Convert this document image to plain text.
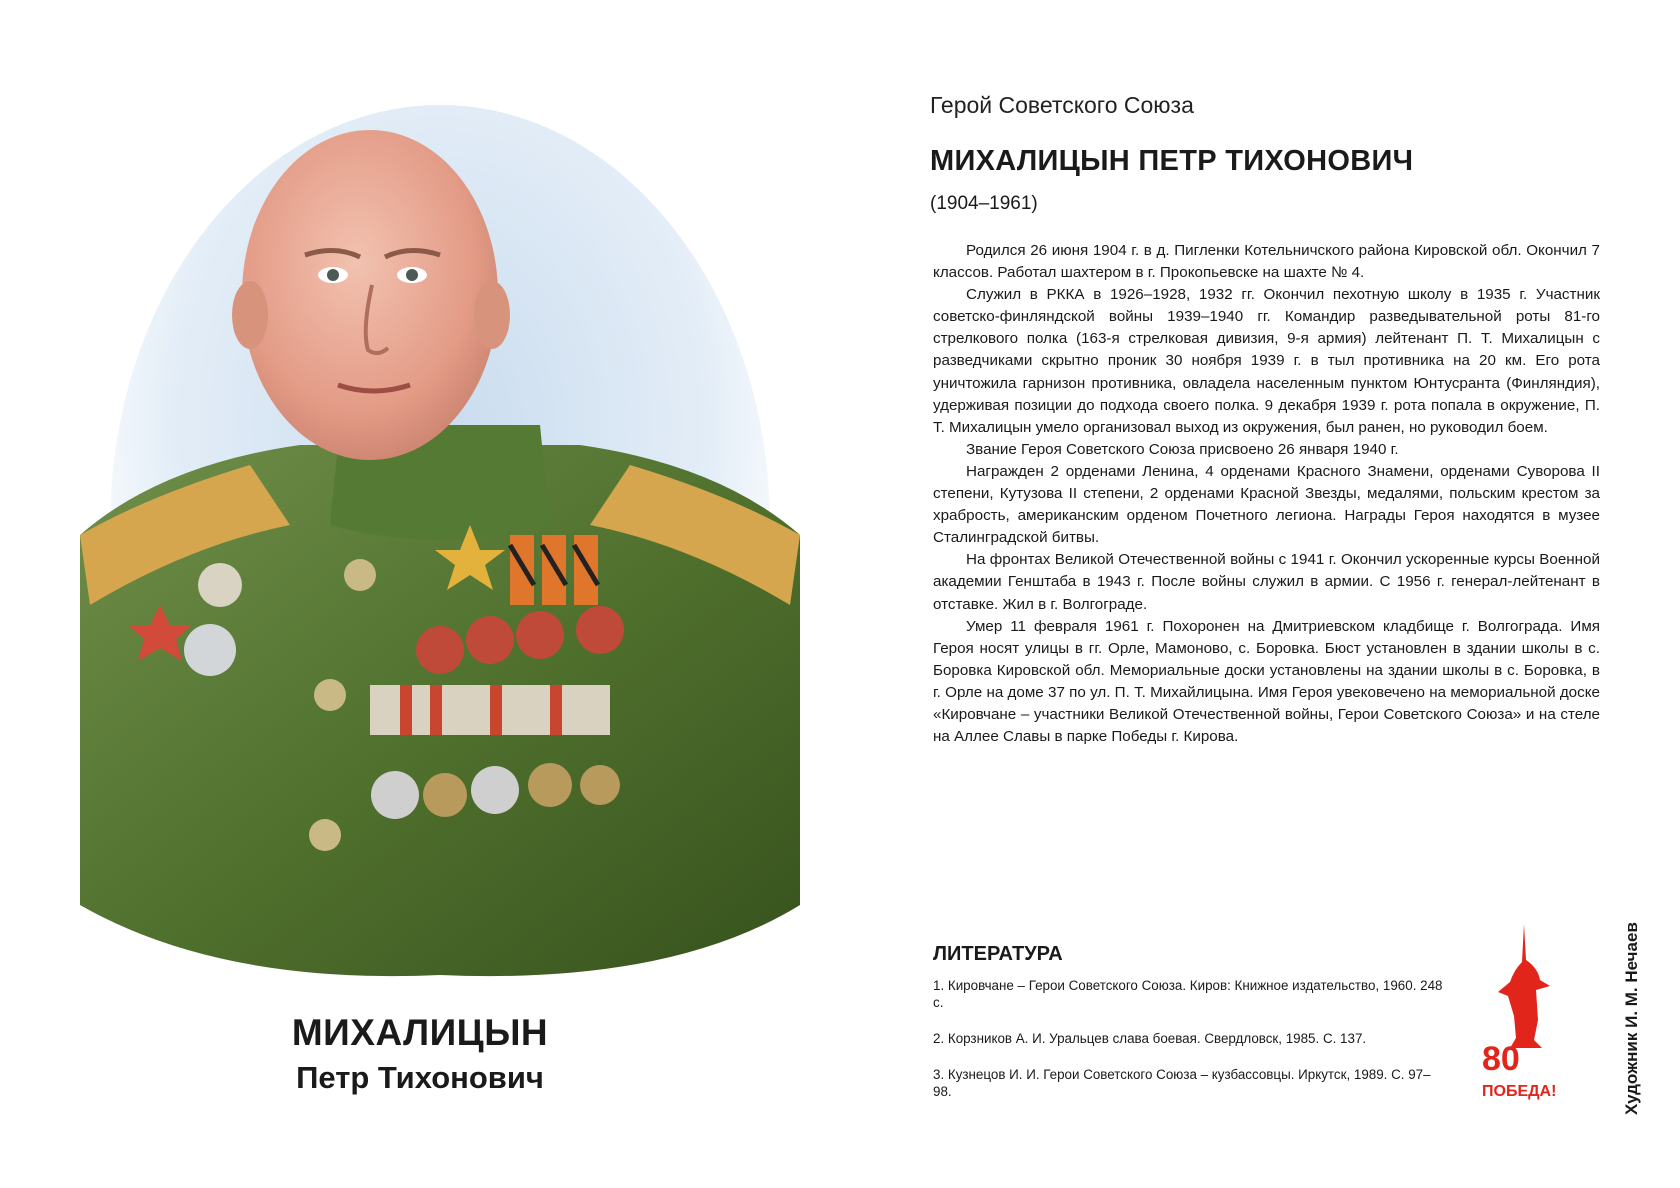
МИХАЛИЦЫН
Петр Тихонович
Герой Советского Союза
МИХАЛИЦЫН ПЕТР ТИХОНОВИЧ
(1904–1961)

Родился 26 июня 1904 г. в д. Пигленки Котельничского района Кировской обл. Окончил 7 классов. Работал шахтером в г. Прокопьевске на шахте № 4.

Служил в РККА в 1926–1928, 1932 гг. Окончил пехотную школу в 1935 г. Участник советско-финляндской войны 1939–1940 гг. Командир разведывательной роты 81-го стрелкового полка (163-я стрелковая дивизия, 9-я армия) лейтенант П. Т. Михалицын с разведчиками скрытно проник 30 ноября 1939 г. в тыл противника на 20 км. Его рота уничтожила гарнизон противника, овладела населенным пунктом Юнтусранта (Финляндия), удерживая позиции до подхода своего полка. 9 декабря 1939 г. рота попала в окружение, П. Т. Михалицын умело организовал выход из окружения, был ранен, но руководил боем.

Звание Героя Советского Союза присвоено 26 января 1940 г.

Награжден 2 орденами Ленина, 4 орденами Красного Знамени, орденами Суворова II степени, Кутузова II степени, 2 орденами Красной Звезды, медалями, польским крестом за храбрость, американским орденом Почетного легиона. Награды Героя находятся в музее Сталинградской битвы.

На фронтах Великой Отечественной войны с 1941 г. Окончил ускоренные курсы Военной академии Генштаба в 1943 г. После войны служил в армии. С 1956 г. генерал-лейтенант в отставке. Жил в г. Волгограде.

Умер 11 февраля 1961 г. Похоронен на Дмитриевском кладбище г. Волгограда. Имя Героя носят улицы в гг. Орле, Мамоново, с. Боровка. Бюст установлен в здании школы в с. Боровка Кировской обл. Мемориальные доски установлены на здании школы в с. Боровка, в г. Орле на доме 37 по ул. П. Т. Михайлицына. Имя Героя увековечено на мемориальной доске «Кировчане – участники Великой Отечественной войны, Герои Советского Союза» и на стеле на Аллее Славы в парке Победы г. Кирова.

ЛИТЕРАТУРА
1. Кировчане – Герои Советского Союза. Киров: Книжное издательство, 1960. 248 с.
2. Корзников А. И. Уральцев слава боевая. Свердловск, 1985. С. 137.
3. Кузнецов И. И. Герои Советского Союза – кузбассовцы. Иркутск, 1989. С. 97–98.
80
ПОБЕДА!	Художник И. М. Нечаев
